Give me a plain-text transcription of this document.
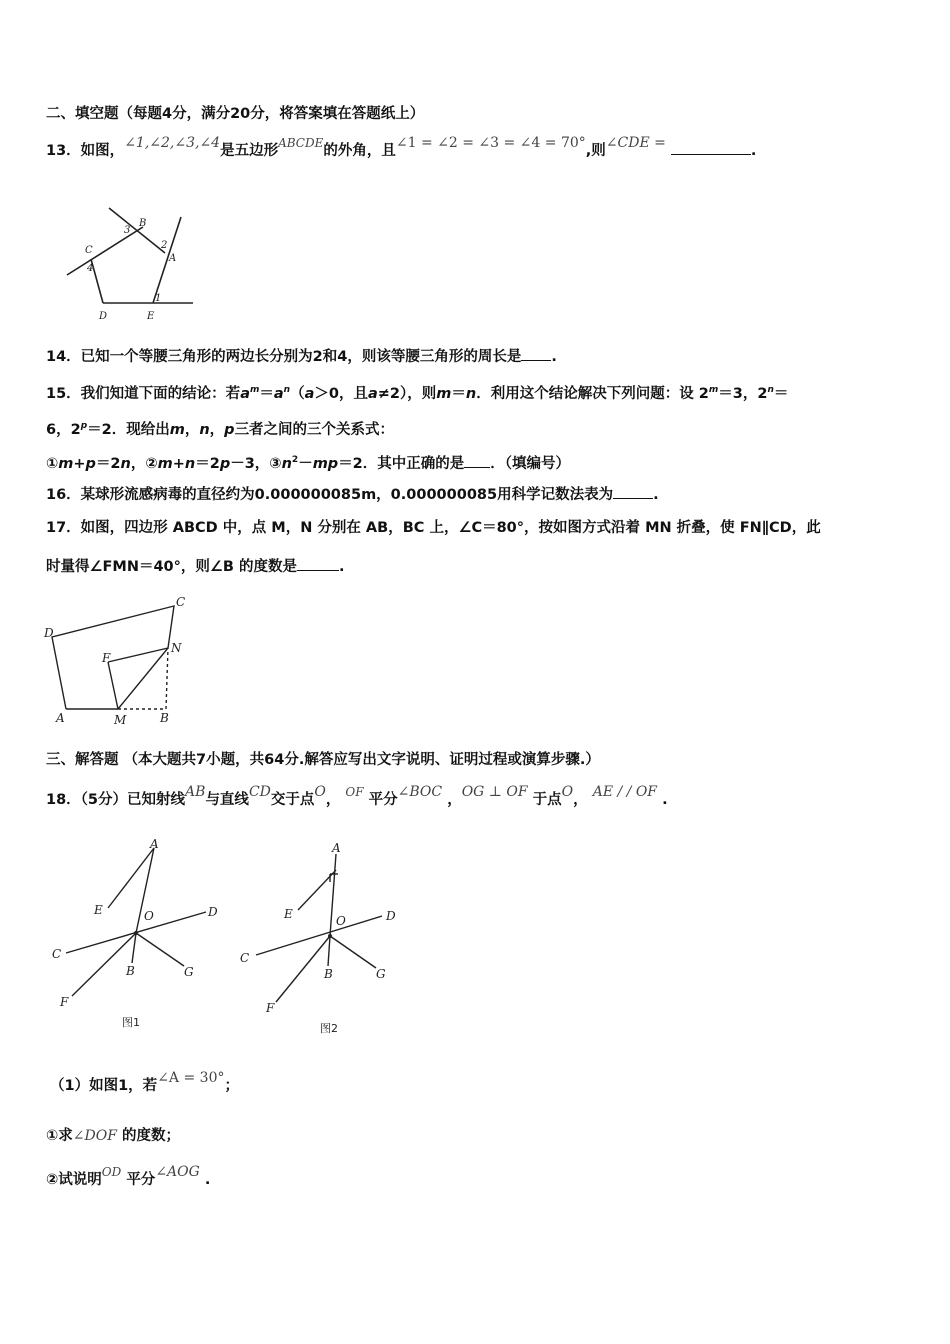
二、填空题（每题4分，满分20分，将答案填在答题纸上）
13．如图，∠1,∠2,∠3,∠4是五边形$^{ABCDE}$的外角，且∠1 = ∠2 = ∠3 = ∠4 = 70°,则∠CDE =	.
B
3
C
4
2
A
D	E
1
14．已知一个等腰三角形的两边长分别为2和4，则该等腰三角形的周长是 .
15．我们知道下面的结论：若$a^m=a^n(a>0$，且a≠2），则m＝n．利用这个结论解决下列问题：设 $2^m=3$，$2^n=$
6，$2^p=2$．现给出m，n，p三者之间的三个关系式：
①m+p＝2n，②m+n＝2p－3，$③n^2-mp=2$．其中正确的是 ．（填编号）
16．某球形流感病毒的直径约为0.000000085m，0.000000085用科学记数法表为	.
17．如图，四边形 ABCD 中，点 M，N 分别在 AB，BC 上，∠C＝80°，按如图方式沿着 MN 折叠，使 FN∥CD，此
时量得∠FMN＝40°，则∠B 的度数是	.
C
D
F
N
A	M	B
三、解答题 （本大题共7小题，共64分.解答应写出文字说明、证明过程或演算步骤.）
18．（5分）已知射线AB与直线CD交于点O， $^{OF}$ 平分∠BOC ，OG ⊥ OF 于点O， AE / / OF .
A
E	O	D
C
B	G
F
图1
A
E	O	D
C
B	G
F
图2
（1）如图1，若∠A = 30°；
①求∠DOF 的度数；
②试说明$^{OD}$ 平分∠AOG .
